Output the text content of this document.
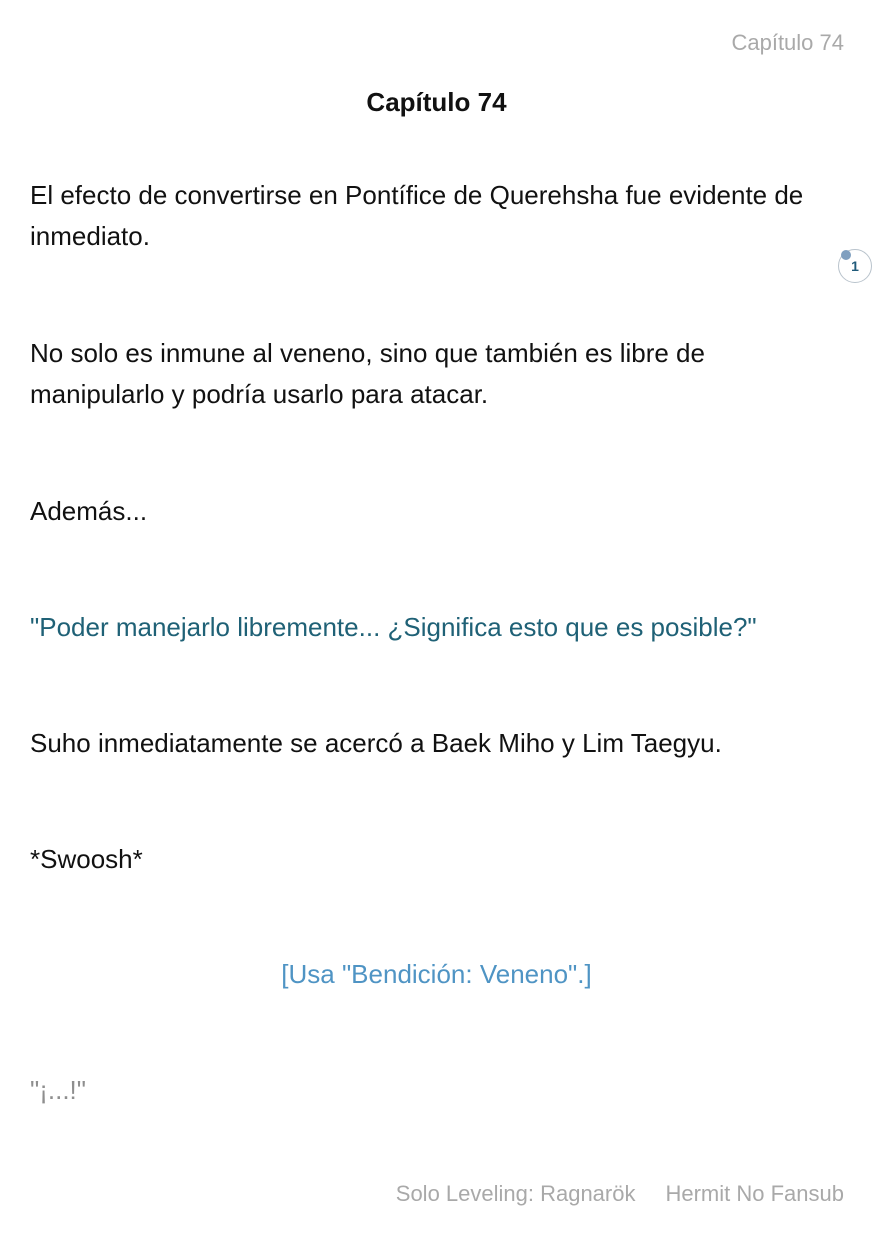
Capítulo 74
Capítulo 74

El efecto de convertirse en Pontífice de Querehsha fue evidente de inmediato.

No solo es inmune al veneno, sino que también es libre de manipularlo y podría usarlo para atacar.

Además...

"Poder manejarlo libremente... ¿Significa esto que es posible?"

Suho inmediatamente se acercó a Baek Miho y Lim Taegyu.

*Swoosh*

[Usa "Bendición: Veneno".]

"¡...!"

1
Solo Leveling: Ragnarök Hermit No Fansub
